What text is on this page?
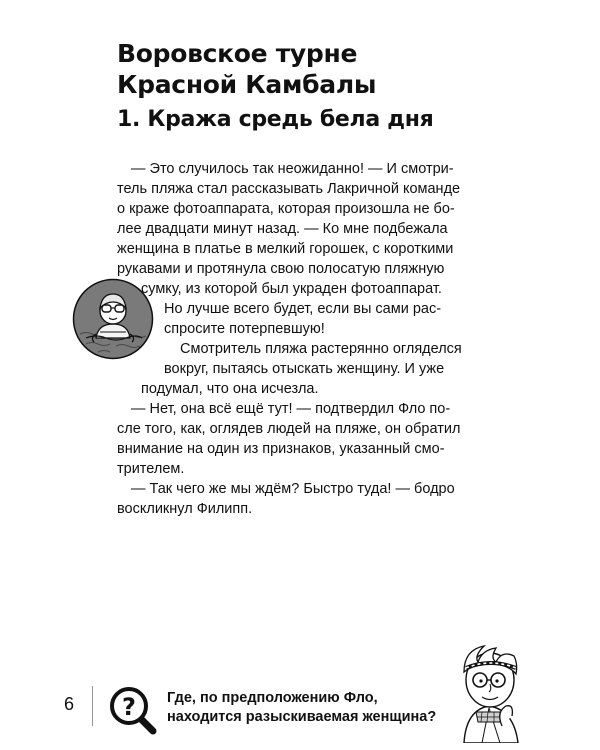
Воровское турне
Красной Камбалы
1. Кража средь бела дня
— Это случилось так неожиданно! — И смотри-
тель пляжа стал рассказывать Лакричной команде
о краже фотоаппарата, которая произошла не бо-
лее двадцати минут назад. — Ко мне подбежала
женщина в платье в мелкий горошек, с короткими
рукавами и протянула свою полосатую пляжную
сумку, из которой был украден фотоаппарат.
Но лучше всего будет, если вы сами рас-
спросите потерпевшую!
Смотритель пляжа растерянно огляделся
вокруг, пытаясь отыскать женщину. И уже
подумал, что она исчезла.
— Нет, она всё ещё тут! — подтвердил Фло по-
сле того, как, оглядев людей на пляже, он обратил
внимание на один из признаков, указанный смо-
трителем.
— Так чего же мы ждём? Быстро туда! — бодро
воскликнул Филипп.
6 ? Где, по предположению Фло,
находится разыскиваемая женщина?
